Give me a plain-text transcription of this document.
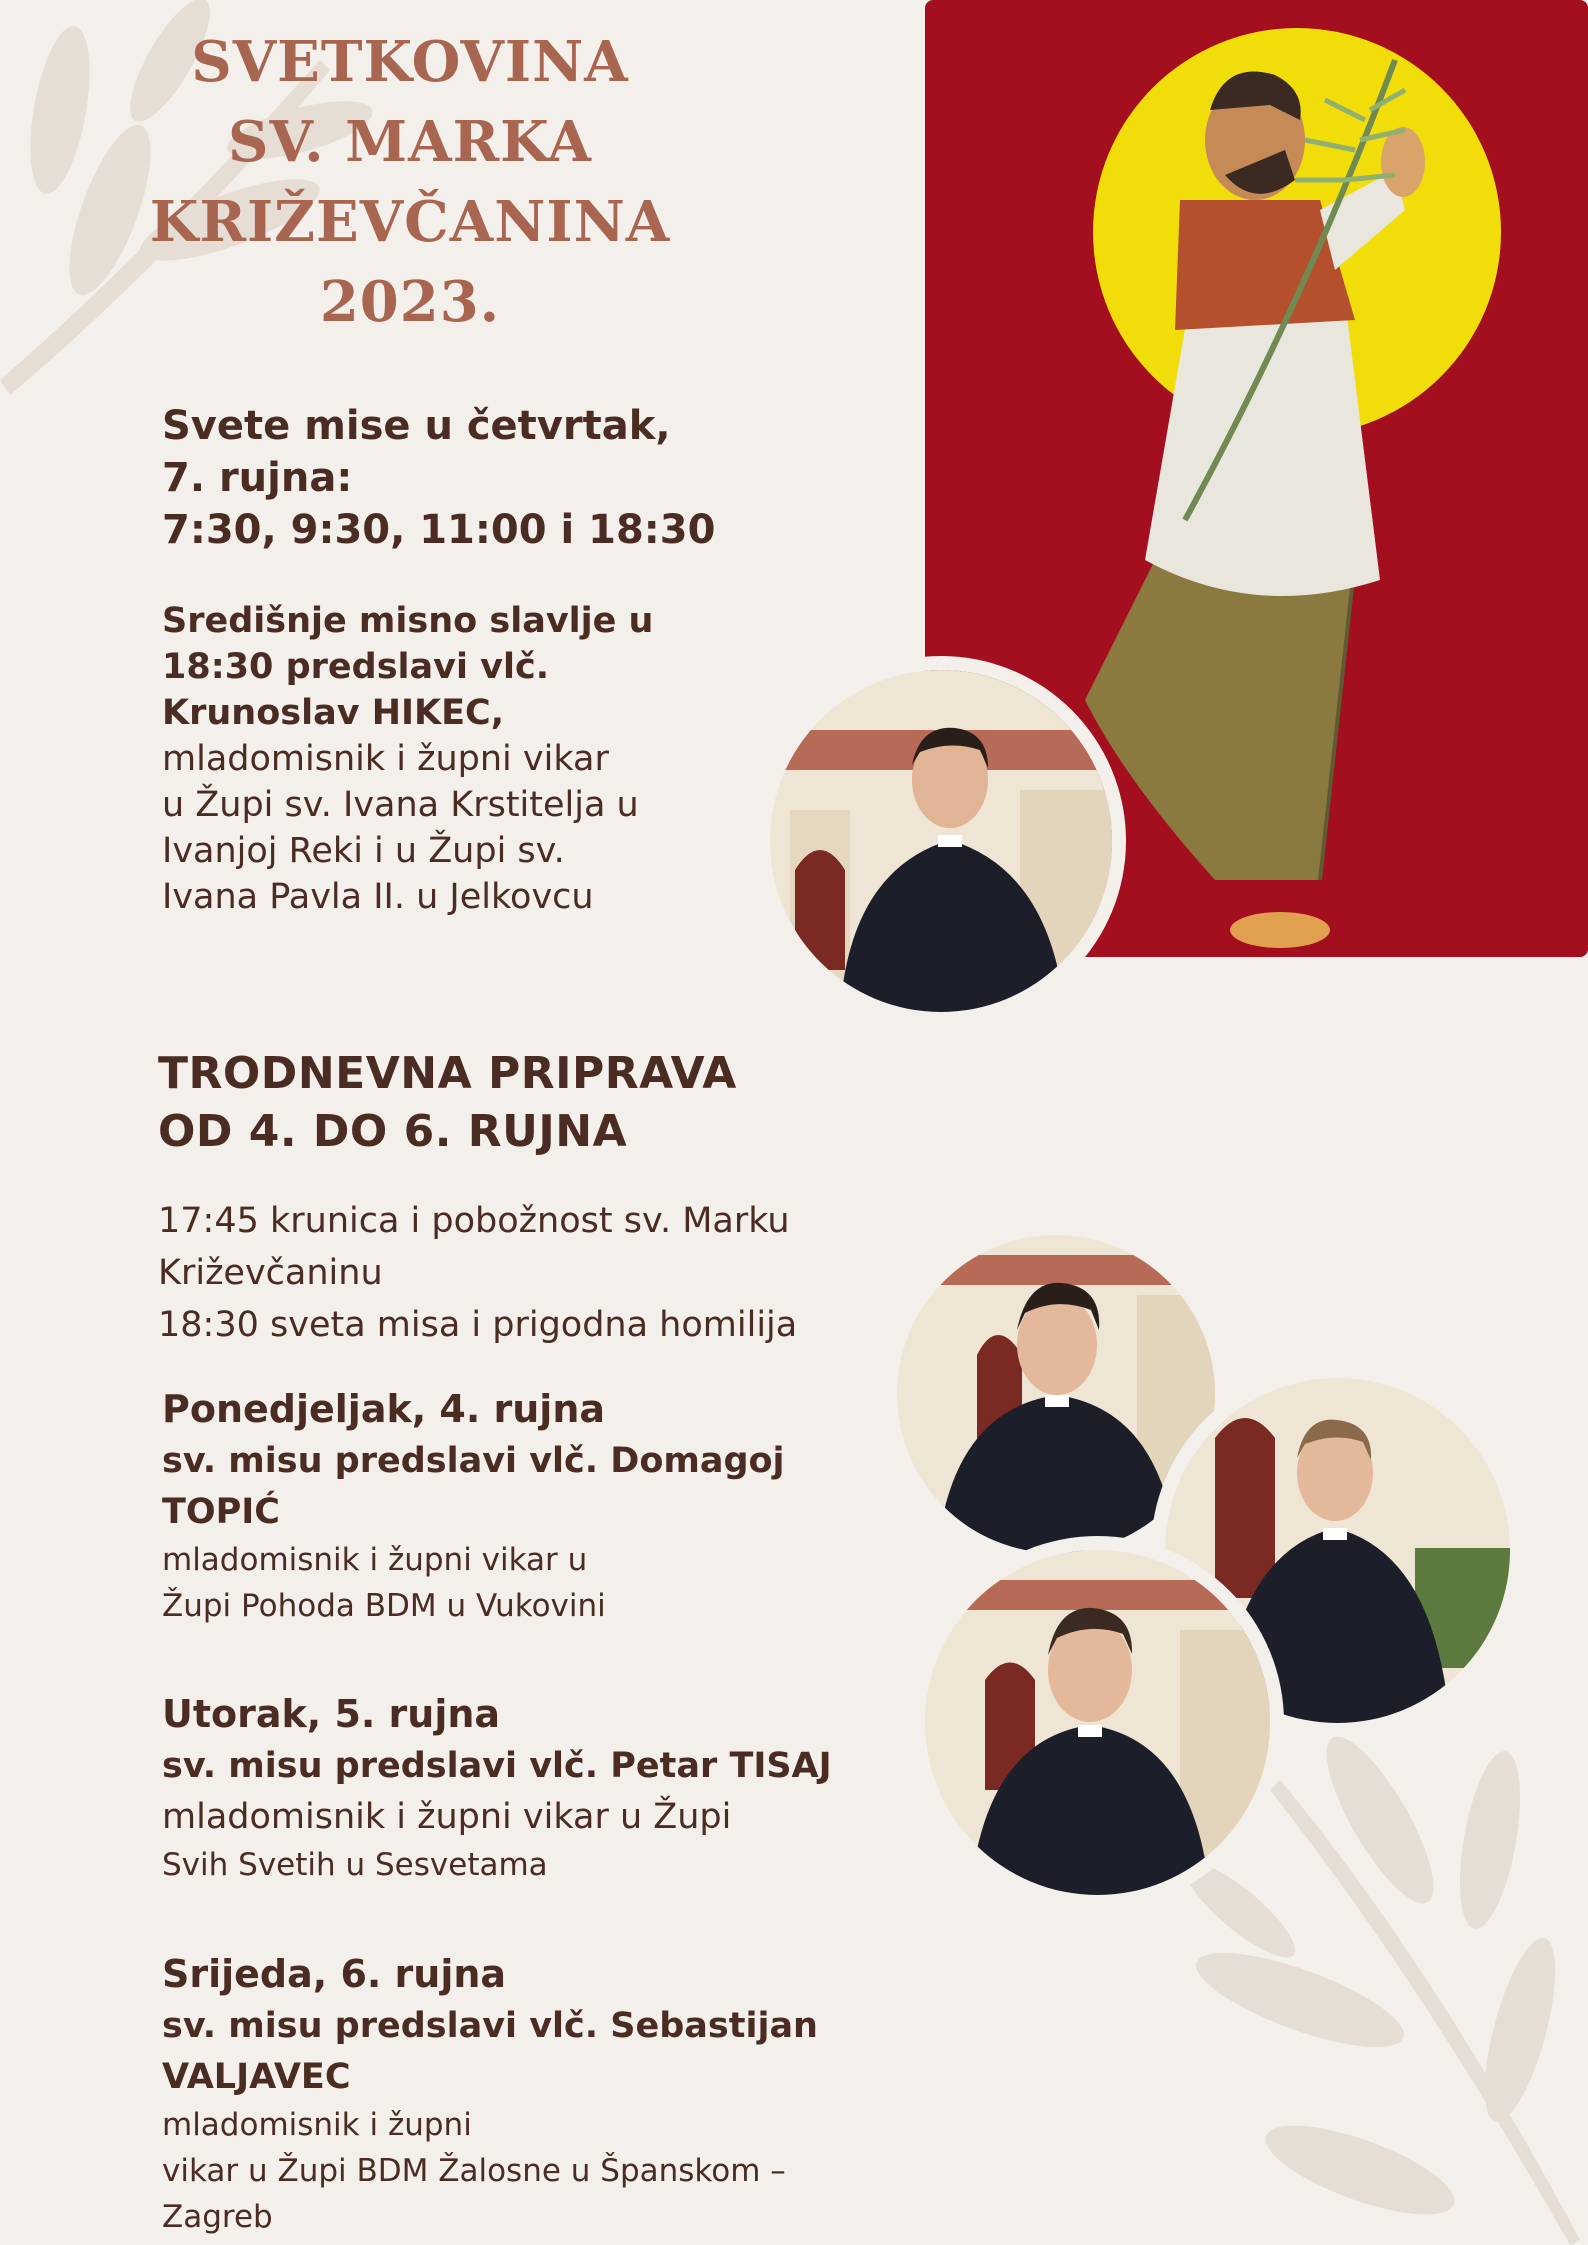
SVETKOVINA
SV. MARKA
KRIŽEVČANINA
2023.
Svete mise u četvrtak,
7. rujna:
7:30, 9:30, 11:00 i 18:30
Središnje misno slavlje u
18:30 predslavi vlč.
Krunoslav HIKEC,
mladomisnik i župni vikar
u Župi sv. Ivana Krstitelja u
Ivanjoj Reki i u Župi sv.
Ivana Pavla II. u Jelkovcu
TRODNEVNA PRIPRAVA
OD 4. DO 6. RUJNA
17:45 krunica i pobožnost sv. Marku
Križevčaninu
18:30 sveta misa i prigodna homilija
Ponedjeljak, 4. rujna
sv. misu predslavi vlč. Domagoj
TOPIĆ
mladomisnik i župni vikar u
Župi Pohoda BDM u Vukovini
Utorak, 5. rujna
sv. misu predslavi vlč. Petar TISAJ
mladomisnik i župni vikar u Župi
Svih Svetih u Sesvetama
Srijeda, 6. rujna
sv. misu predslavi vlč. Sebastijan
VALJAVEC
mladomisnik i župni
vikar u Župi BDM Žalosne u Španskom –
Zagreb
